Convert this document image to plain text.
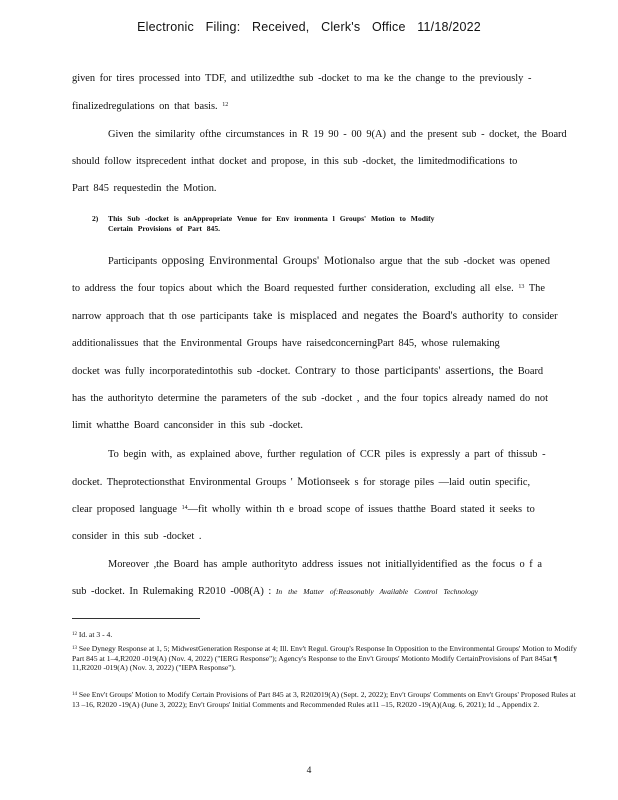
Electronic Filing: Received, Clerk's Office 11/18/2022
given for tires processed into TDF, and utilizedthe sub -docket to ma ke the change to the previously -
finalizedregulations on that basis. $^{12}$
Given the similarity ofthe circumstances in R 19 90 - 00 9(A) and the present sub - docket, the Board
should follow itsprecedent inthat docket and propose, in this sub -docket, the limitedmodifications to
Part 845 requestedin the Motion.
2) This Sub -docket is anAppropriate Venue for Env ironmenta l Groups' Motion to Modify
Certain Provisions of Part 845.
Participants opposing Environmental Groups' Motionalso argue that the sub -docket was opened
to address the four topics about which the Board requested further consideration, excluding all else. $^{13}$ The
narrow approach that th ose participants take is misplaced and negates the Board's authority to consider
additionalissues that the Environmental Groups have raisedconcerningPart 845, whose rulemaking
docket was fully incorporatedintothis sub -docket. Contrary to those participants' assertions, the Board
has the authorityto determine the parameters of the sub -docket , and the four topics already named do not
limit whatthe Board canconsider in this sub -docket.
To begin with, as explained above, further regulation of CCR piles is expressly a part of thissub -
docket. Theprotectionsthat Environmental Groups ' Motionseek s for storage piles —laid outin specific,
clear proposed language $^{14}$—fit wholly within th e broad scope of issues thatthe Board stated it seeks to
consider in this sub -docket .
Moreover ,the Board has ample authorityto address issues not initiallyidentified as the focus o f a
sub -docket. In Rulemaking R2010 -008(A) : In the Matter of:Reasonably Available Control Technology
$^{12}$ Id. at 3 - 4.
$^{13}$ See Dynegy Response at 1, 5; MidwestGeneration Response at 4; Ill. Env't Regul. Group's Response In Opposition to the Environmental Groups' Motion to Modify Part 845 at 1–4,R2020 -019(A) (Nov. 4, 2022) ("IERG Response"); Agency's Response to the Env't Groups' Motionto Modify CertainProvisions of Part 845at ¶ 11,R2020 -019(A) (Nov. 3, 2022) ("IEPA Response").
$^{14}$ See Env't Groups' Motion to Modify Certain Provisions of Part 845 at 3, R202019(A) (Sept. 2, 2022); Env't Groups' Comments on Env't Groups' Proposed Rules at 13 –16, R2020 -19(A) (June 3, 2022); Env't Groups' Initial Comments and Recommended Rules at11 –15, R2020 -19(A)(Aug. 6, 2021); Id ., Appendix 2.
4
